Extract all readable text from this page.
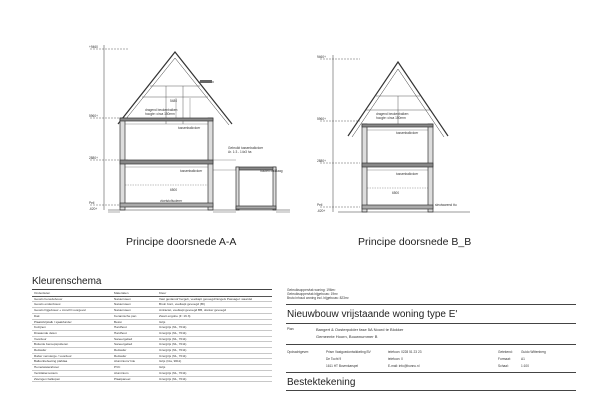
+9460
5960+
2880+
Peil
-620+
dragend beukenbalken
hoogte: circa 150mm
5480
6500
tussenbalkvloer
tussenbalkvloer
Gebruikt tussenbalkvloer
Ar. 1:3 - 14x3 ha
houten balklaag
vloeistofisolerer
Principe doorsnede A-A
9460+
5960+
2880+
Peil
-620+
dragend beukenbalken
hoogte: circa 150mm
6500
tussenbalkvloer
tussenbalkvloer
sleutwarend ttu
Principe doorsnede B_B
Kleurenschema
Onderdelen	Materialen	Kleur
Gevels benedebouw	Natuursteen	Vast gevlamd/ hergeb, veelkapt gevoegd/ Engels Passagel: waardel
Gevels endenbouw	Natuursteen	Bruin bont, veelkapt gevoegd (BI)
Gevels hijgebouw + zonvrill voorgevel	Natuursteen	Antraciet, veelkapt gevoegd BB, donker gevoegd
Dak	Keramische pan	Zwart engobe (F: 16.3)
Plaatsbrijstalk / sjaakfunder	Beton	Grijs
Kozijnen	Hardhout	Uzergrijs (NL, 7011)
Draaiende delen	Hardhout	Uzergrijs (NL, 7011)
Voordeur	Saneergelied	Uzergrijs (NL, 7011)
Buitenle beroepspolieren	Saneergelied	Uzergrijs (NL, 7011)
Reitsafer	Reitsafer	Uzergrijs (NL, 7011)
Raber vensterge / voordeur	Reitsafer	Uzergrijs (NL, 7011)
Balkonbefeeting plafdaa	Aluminium/ Inle	Grijs (Cia, 9611)
Hemelwaterafvoer	PVC	Grijs
Ventilatieroosters	Aluminium	Uzergrijs (NL, 7011)
Zavingen balkopen	Plaatpaneel	Uzergrijs (NL, 7011)
Gebruiksoppervlak woning: 196m²
Gebruiksoppervlak bijgebouw: 19m²
Bruto inhoud woning incl. bijgebouw: 823m²
Nieuwbouw vrijstaande woning type E'
Plan:	Bangert & Oosterpolder fase 5A Noord te Blokker
Gemeente Hoorn, Bouwnummer B
Opdrachtgever:	Prism Vastgoedontwikkeling BV
De Tocht 9
1611 HT Bovenkarspel
telefoon: 0228 51 23 23
telefoon: 0
E-mail: info@bunnu.nl
Getekend:	Guido Wittenberg
Formaat:	A1
Schaal:	1:100
Bestektekening
